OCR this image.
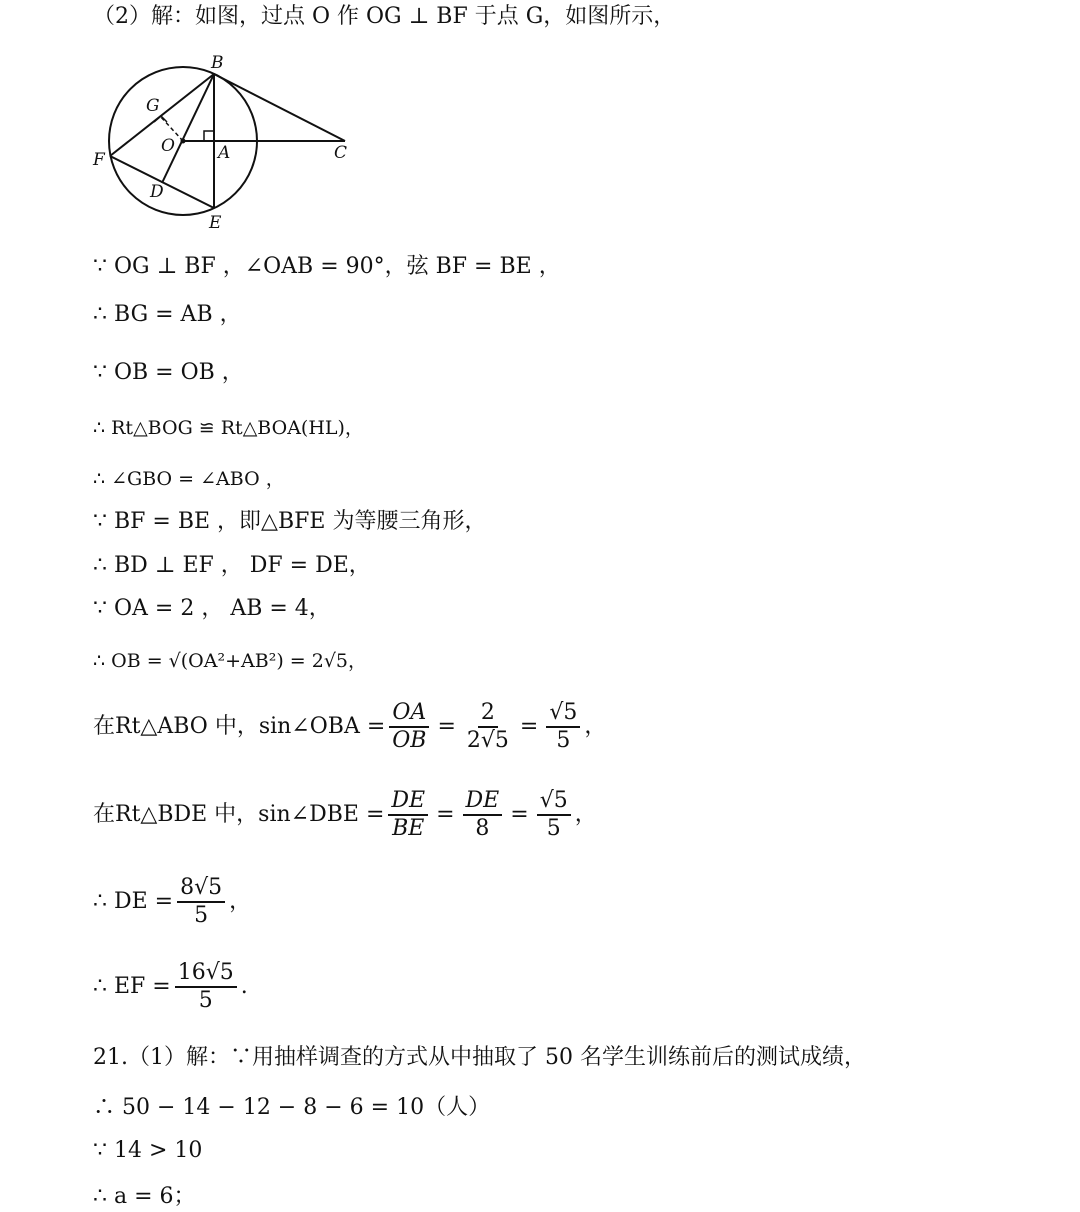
（2）解：如图，过点 O 作 OG ⊥ BF 于点 G，如图所示，
B
G
O	A	C
F
D
E
∵ OG ⊥ BF ，∠OAB = 90°，弦 BF = BE ，
∴ BG = AB ，
∵ OB = OB ，
∴ Rt△BOG ≌ Rt△BOA(HL)，
∴ ∠GBO = ∠ABO ，
∵ BF = BE ，即△BFE 为等腰三角形，
∴ BD ⊥ EF ， DF = DE，
∵ OA = 2 ， AB = 4，
∴ OB = √(OA²+AB²) = 2√5，
在Rt△ABO 中，sin∠OBA = $\frac{OA}{OB} = \frac{2}{2√5} = \frac{√5}{5}$ ，
在Rt△BDE 中，sin∠DBE = $\frac{DE}{BE} = \frac{DE}{8} = \frac{√5}{5}$ ，
∴ DE = $\frac{8√5}{5}$ ，
∴ EF = $\frac{16√5}{5}$ .
21.（1）解：∵用抽样调查的方式从中抽取了 50 名学生训练前后的测试成绩，
∴ 50 − 14 − 12 − 8 − 6 = 10（人）
∵ 14 > 10
∴ a = 6；
